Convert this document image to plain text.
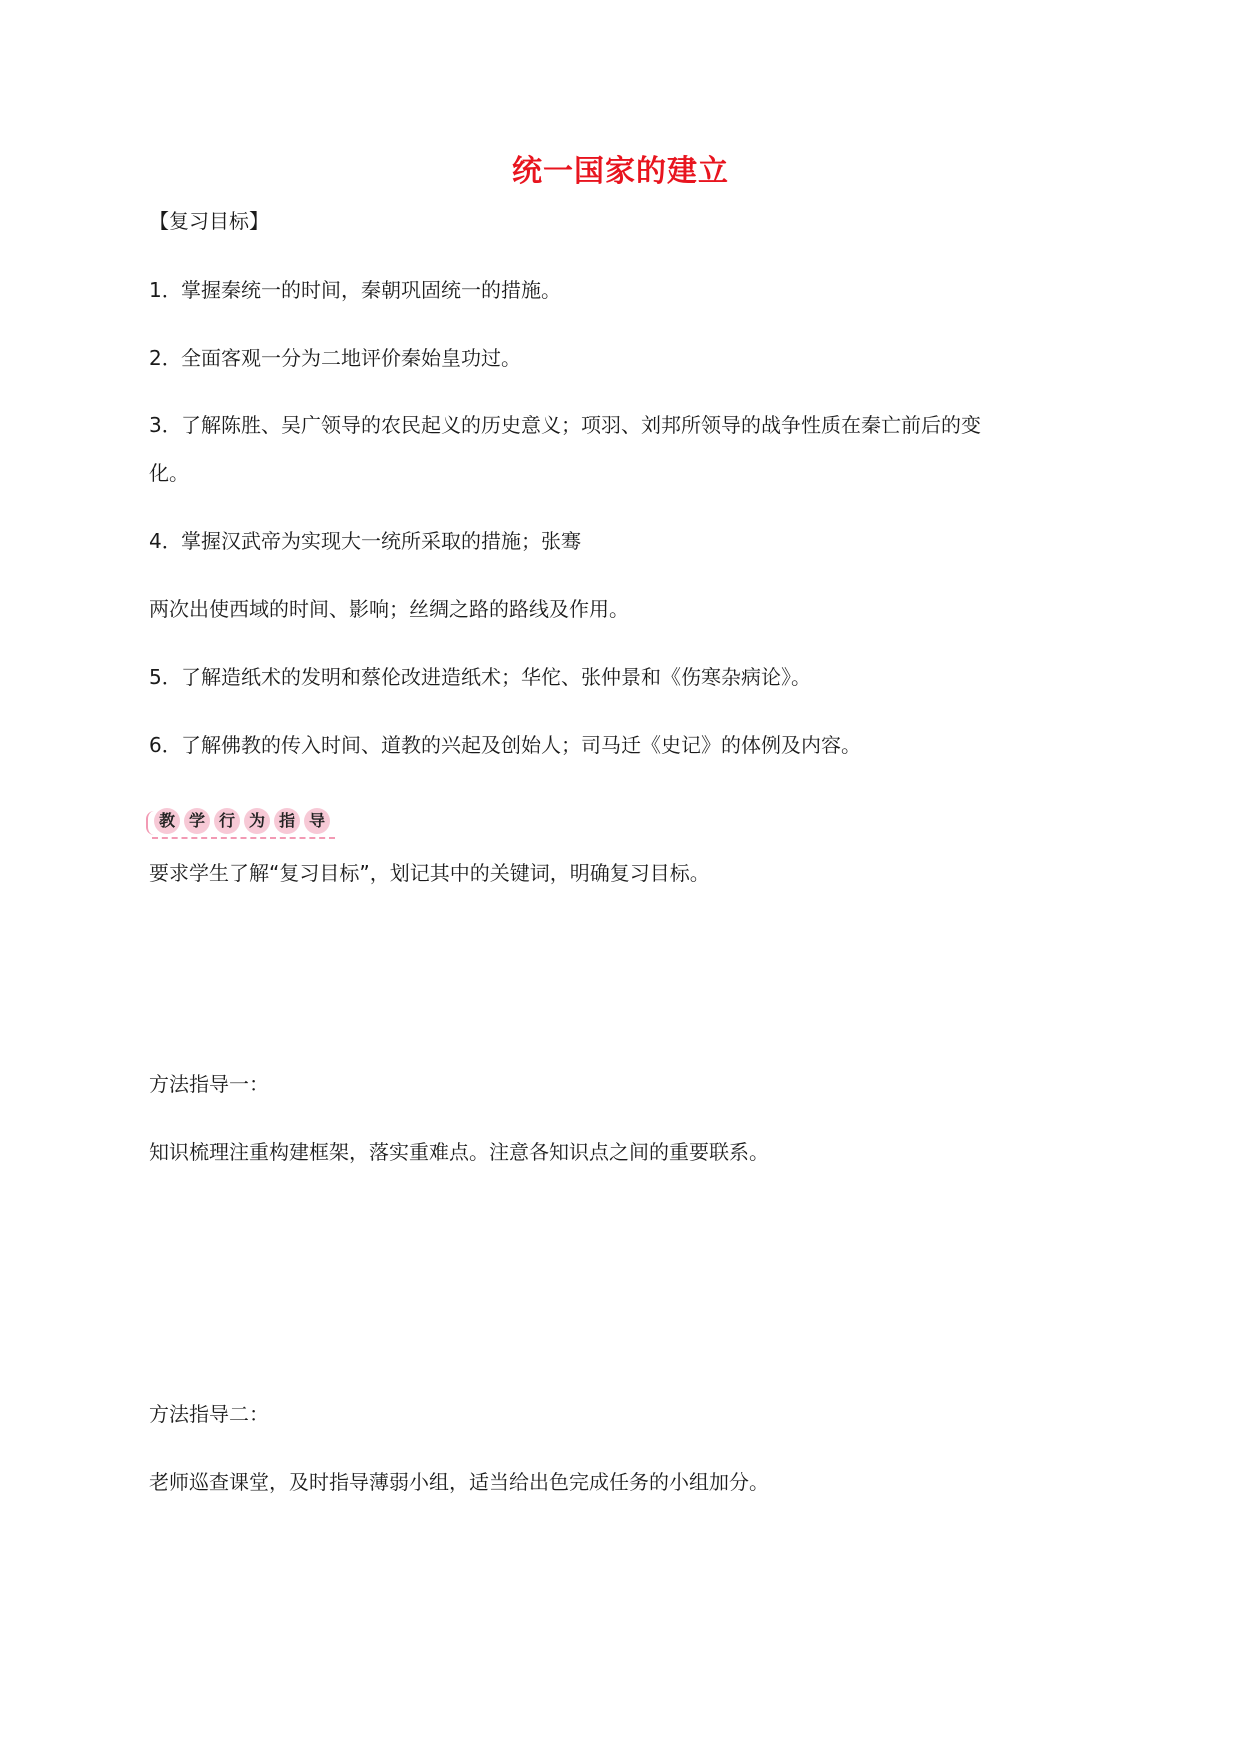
统一国家的建立
【复习目标】
1．掌握秦统一的时间，秦朝巩固统一的措施。
2．全面客观一分为二地评价秦始皇功过。
3．了解陈胜、吴广领导的农民起义的历史意义；项羽、刘邦所领导的战争性质在秦亡前后的变
化。
4．掌握汉武帝为实现大一统所采取的措施；张骞
两次出使西域的时间、影响；丝绸之路的路线及作用。
5．了解造纸术的发明和蔡伦改进造纸术；华佗、张仲景和《伤寒杂病论》。
6．了解佛教的传入时间、道教的兴起及创始人；司马迁《史记》的体例及内容。
教 学 行 为 指 导
要求学生了解“复习目标”，划记其中的关键词，明确复习目标。
方法指导一：
知识梳理注重构建框架，落实重难点。注意各知识点之间的重要联系。
方法指导二：
老师巡查课堂，及时指导薄弱小组，适当给出色完成任务的小组加分。
